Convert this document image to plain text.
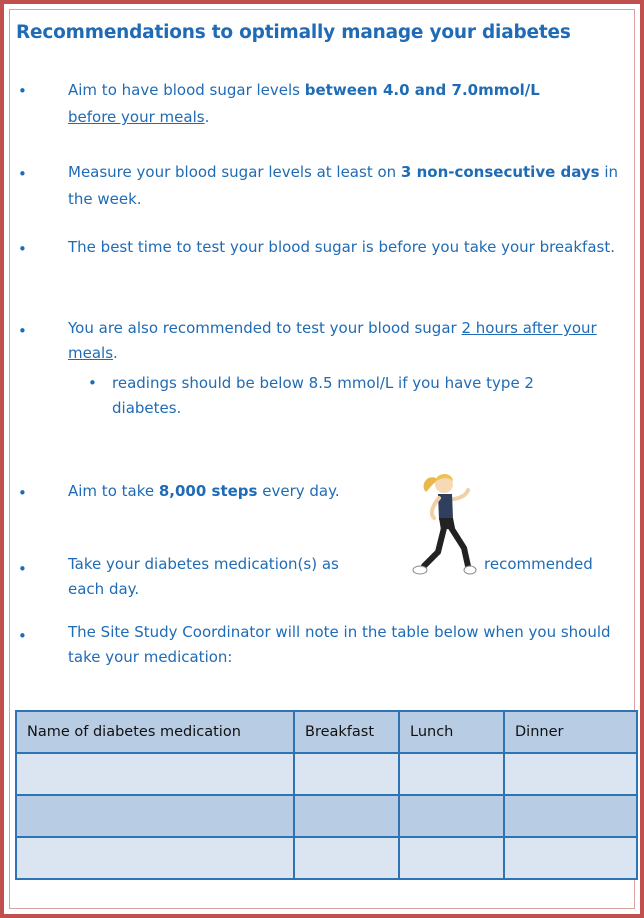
Recommendations to optimally manage your diabetes
•	Aim to have blood sugar levels between 4.0 and 7.0mmol/L
before your meals.
•	Measure your blood sugar levels at least on 3 non-consecutive days in the week.
•	The best time to test your blood sugar is before you take your breakfast.
•	You are also recommended to test your blood sugar 2 hours after your meals.
•	readings should be below 8.5 mmol/L if you have type 2 diabetes.
•	Aim to take 8,000 steps every day.
•	Take your diabetes medication(s) as	recommended

each day.
•	The Site Study Coordinator will note in the table below when you should take your medication:
Name of diabetes medication	Breakfast	Lunch	Dinner
